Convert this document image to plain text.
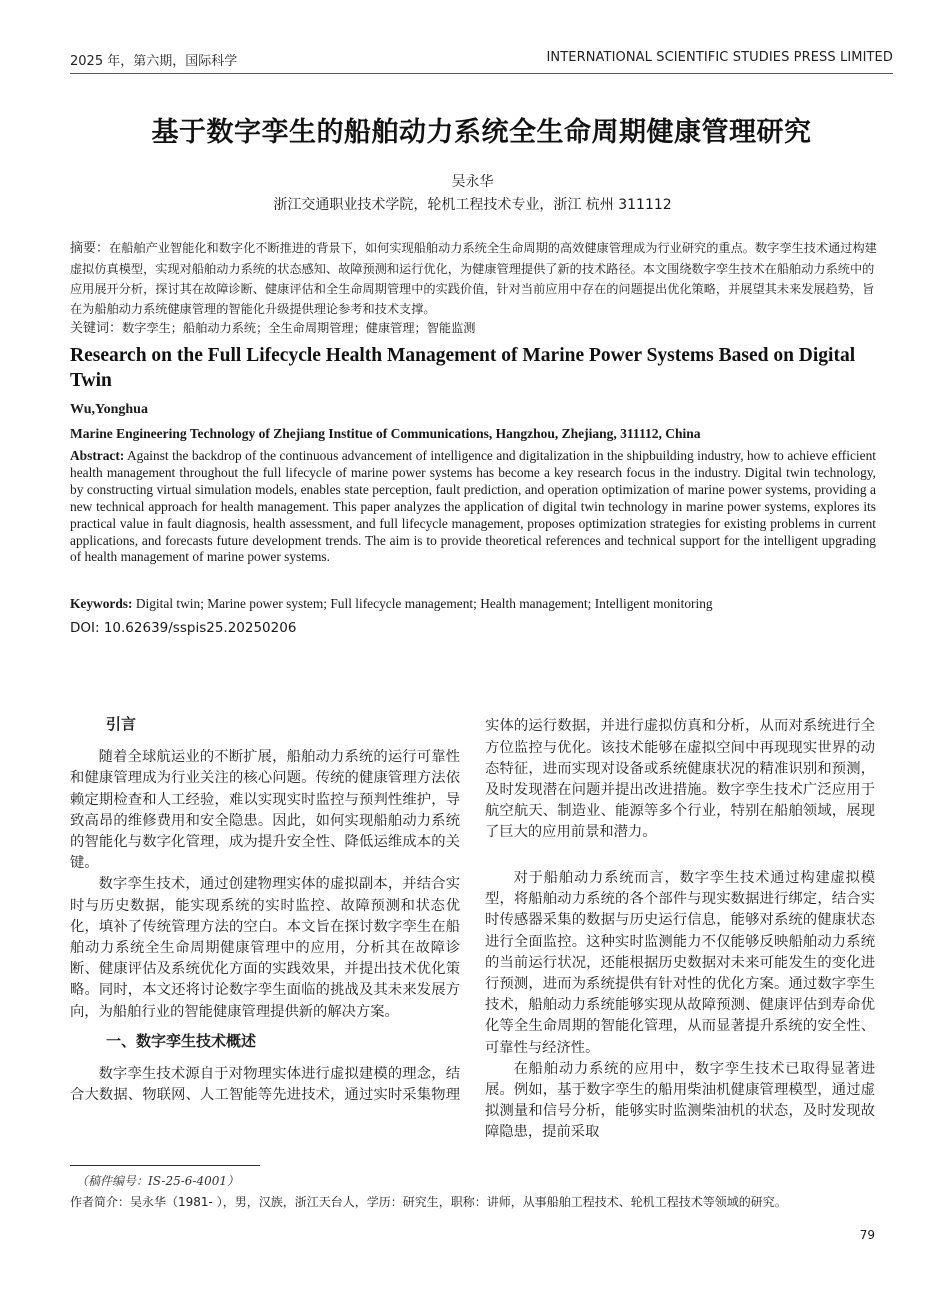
2025 年，第六期，国际科学	INTERNATIONAL SCIENTIFIC STUDIES PRESS LIMITED
基于数字孪生的船舶动力系统全生命周期健康管理研究
吴永华
浙江交通职业技术学院，轮机工程技术专业，浙江 杭州 311112
摘要：在船舶产业智能化和数字化不断推进的背景下，如何实现船舶动力系统全生命周期的高效健康管理成为行业研究的重点。数字孪生技术通过构建虚拟仿真模型，实现对船舶动力系统的状态感知、故障预测和运行优化，为健康管理提供了新的技术路径。本文围绕数字孪生技术在船舶动力系统中的应用展开分析，探讨其在故障诊断、健康评估和全生命周期管理中的实践价值，针对当前应用中存在的问题提出优化策略，并展望其未来发展趋势，旨在为船舶动力系统健康管理的智能化升级提供理论参考和技术支撑。
关键词：数字孪生；船舶动力系统；全生命周期管理；健康管理；智能监测
Research on the Full Lifecycle Health Management of Marine Power Systems Based on Digital Twin
Wu,Yonghua
Marine Engineering Technology of Zhejiang Institue of Communications, Hangzhou, Zhejiang, 311112, China
Abstract: Against the backdrop of the continuous advancement of intelligence and digitalization in the shipbuilding industry, how to achieve efficient health management throughout the full lifecycle of marine power systems has become a key research focus in the industry. Digital twin technology, by constructing virtual simulation models, enables state perception, fault prediction, and operation optimization of marine power systems, providing a new technical approach for health management. This paper analyzes the application of digital twin technology in marine power systems, explores its practical value in fault diagnosis, health assessment, and full lifecycle management, proposes optimization strategies for existing problems in current applications, and forecasts future development trends. The aim is to provide theoretical references and technical support for the intelligent upgrading of health management of marine power systems.
Keywords: Digital twin; Marine power system; Full lifecycle management; Health management; Intelligent monitoring
DOI: 10.62639/sspis25.20250206
引言

随着全球航运业的不断扩展，船舶动力系统的运行可靠性和健康管理成为行业关注的核心问题。传统的健康管理方法依赖定期检查和人工经验，难以实现实时监控与预判性维护，导致高昂的维修费用和安全隐患。因此，如何实现船舶动力系统的智能化与数字化管理，成为提升安全性、降低运维成本的关键。

数字孪生技术，通过创建物理实体的虚拟副本，并结合实时与历史数据，能实现系统的实时监控、故障预测和状态优化，填补了传统管理方法的空白。本文旨在探讨数字孪生在船舶动力系统全生命周期健康管理中的应用，分析其在故障诊断、健康评估及系统优化方面的实践效果，并提出技术优化策略。同时，本文还将讨论数字孪生面临的挑战及其未来发展方向，为船舶行业的智能健康管理提供新的解决方案。

一、数字孪生技术概述

数字孪生技术源自于对物理实体进行虚拟建模的理念，结合大数据、物联网、人工智能等先进技术，通过实时采集物理

实体的运行数据，并进行虚拟仿真和分析，从而对系统进行全方位监控与优化。该技术能够在虚拟空间中再现现实世界的动态特征，进而实现对设备或系统健康状况的精准识别和预测，及时发现潜在问题并提出改进措施。数字孪生技术广泛应用于航空航天、制造业、能源等多个行业，特别在船舶领域，展现了巨大的应用前景和潜力。

对于船舶动力系统而言，数字孪生技术通过构建虚拟模型，将船舶动力系统的各个部件与现实数据进行绑定，结合实时传感器采集的数据与历史运行信息，能够对系统的健康状态进行全面监控。这种实时监测能力不仅能够反映船舶动力系统的当前运行状况，还能根据历史数据对未来可能发生的变化进行预测，进而为系统提供有针对性的优化方案。通过数字孪生技术，船舶动力系统能够实现从故障预测、健康评估到寿命优化等全生命周期的智能化管理，从而显著提升系统的安全性、可靠性与经济性。

在船舶动力系统的应用中，数字孪生技术已取得显著进展。例如，基于数字孪生的船用柴油机健康管理模型，通过虚拟测量和信号分析，能够实时监测柴油机的状态，及时发现故障隐患，提前采取

（稿件编号：IS-25-6-4001）
作者简介：吴永华（1981- ），男，汉族，浙江天台人，学历：研究生，职称：讲师，从事船舶工程技术、轮机工程技术等领域的研究。
79
